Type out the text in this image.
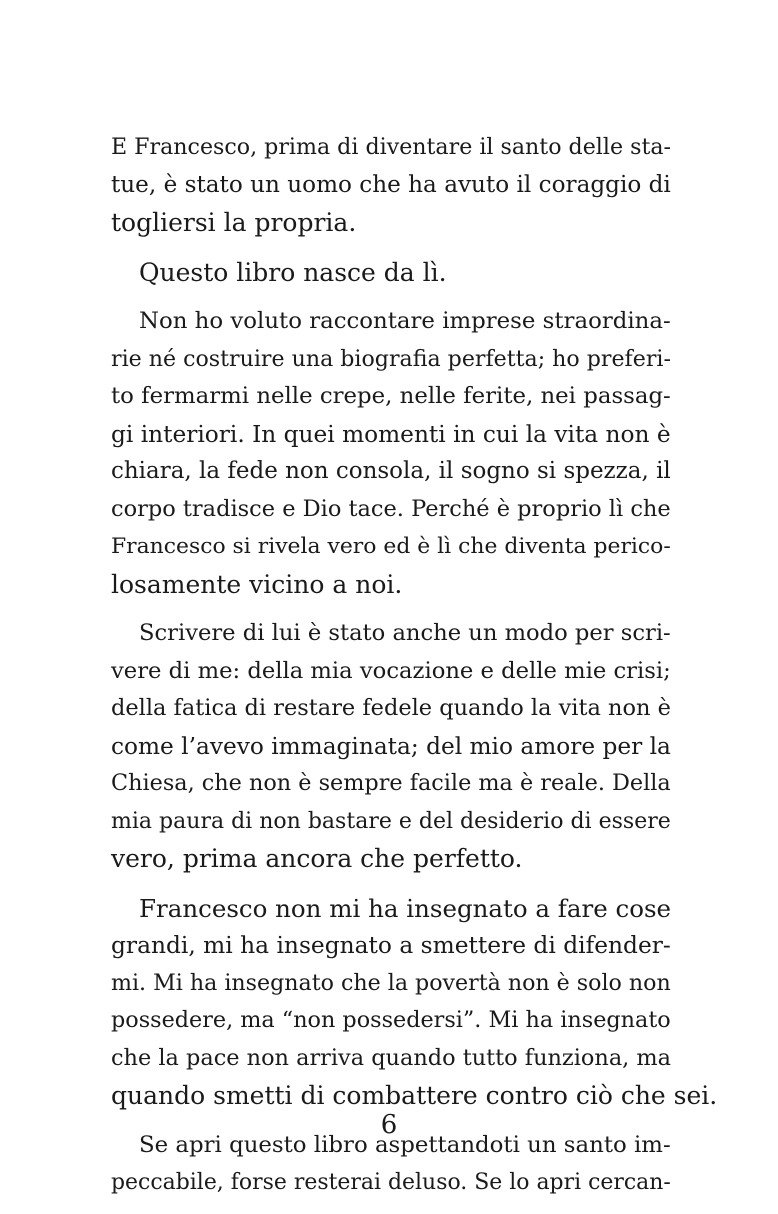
E Francesco, prima di diventare il santo delle sta-
tue, è stato un uomo che ha avuto il coraggio di
togliersi la propria.
Questo libro nasce da lì.
Non ho voluto raccontare imprese straordina-
rie né costruire una biografia perfetta; ho preferi-
to fermarmi nelle crepe, nelle ferite, nei passag-
gi interiori. In quei momenti in cui la vita non è
chiara, la fede non consola, il sogno si spezza, il
corpo tradisce e Dio tace. Perché è proprio lì che
Francesco si rivela vero ed è lì che diventa perico-
losamente vicino a noi.
Scrivere di lui è stato anche un modo per scri-
vere di me: della mia vocazione e delle mie crisi;
della fatica di restare fedele quando la vita non è
come l’avevo immaginata; del mio amore per la
Chiesa, che non è sempre facile ma è reale. Della
mia paura di non bastare e del desiderio di essere
vero, prima ancora che perfetto.
Francesco non mi ha insegnato a fare cose
grandi, mi ha insegnato a smettere di difender-
mi. Mi ha insegnato che la povertà non è solo non
possedere, ma “non possedersi”. Mi ha insegnato
che la pace non arriva quando tutto funziona, ma
quando smetti di combattere contro ciò che sei.
Se apri questo libro aspettandoti un santo im-
peccabile, forse resterai deluso. Se lo apri cercan-
6
